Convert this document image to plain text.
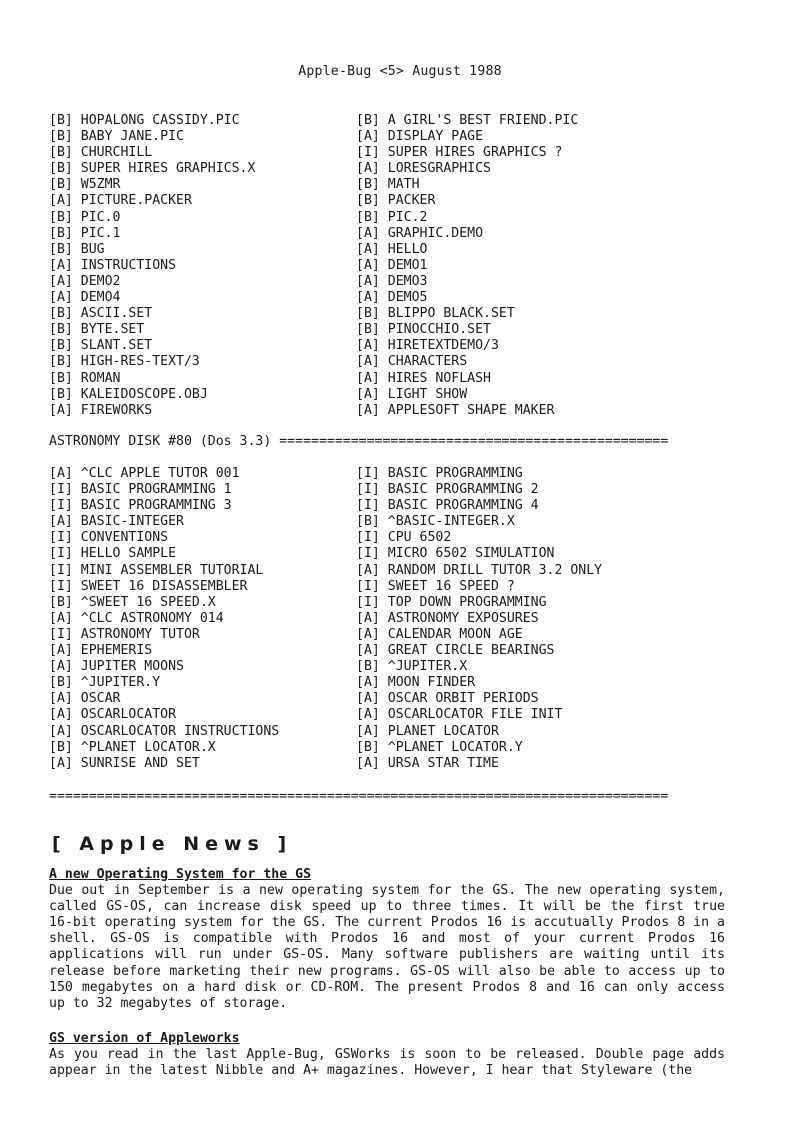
Apple-Bug <5> August 1988
[B] HOPALONG CASSIDY.PIC
[B] BABY JANE.PIC
[B] CHURCHILL
[B] SUPER HIRES GRAPHICS.X
[B] W5ZMR
[A] PICTURE.PACKER
[B] PIC.0
[B] PIC.1
[B] BUG
[A] INSTRUCTIONS
[A] DEMO2
[A] DEMO4
[B] ASCII.SET
[B] BYTE.SET
[B] SLANT.SET
[B] HIGH-RES-TEXT/3
[B] ROMAN
[B] KALEIDOSCOPE.OBJ
[A] FIREWORKS
[B] A GIRL'S BEST FRIEND.PIC
[A] DISPLAY PAGE
[I] SUPER HIRES GRAPHICS ?
[A] LORESGRAPHICS
[B] MATH
[B] PACKER
[B] PIC.2
[A] GRAPHIC.DEMO
[A] HELLO
[A] DEMO1
[A] DEMO3
[A] DEMO5
[B] BLIPPO BLACK.SET
[B] PINOCCHIO.SET
[A] HIRETEXTDEMO/3
[A] CHARACTERS
[A] HIRES NOFLASH
[A] LIGHT SHOW
[A] APPLESOFT SHAPE MAKER
ASTRONOMY DISK #80 (Dos 3.3) =================================================
[A] ^CLC APPLE TUTOR 001
[I] BASIC PROGRAMMING 1
[I] BASIC PROGRAMMING 3
[A] BASIC-INTEGER
[I] CONVENTIONS
[I] HELLO SAMPLE
[I] MINI ASSEMBLER TUTORIAL
[I] SWEET 16 DISASSEMBLER
[B] ^SWEET 16 SPEED.X
[A] ^CLC ASTRONOMY 014
[I] ASTRONOMY TUTOR
[A] EPHEMERIS
[A] JUPITER MOONS
[B] ^JUPITER.Y
[A] OSCAR
[A] OSCARLOCATOR
[A] OSCARLOCATOR INSTRUCTIONS
[B] ^PLANET LOCATOR.X
[A] SUNRISE AND SET
[I] BASIC PROGRAMMING
[I] BASIC PROGRAMMING 2
[I] BASIC PROGRAMMING 4
[B] ^BASIC-INTEGER.X
[I] CPU 6502
[I] MICRO 6502 SIMULATION
[A] RANDOM DRILL TUTOR 3.2 ONLY
[I] SWEET 16 SPEED ?
[I] TOP DOWN PROGRAMMING
[A] ASTRONOMY EXPOSURES
[A] CALENDAR MOON AGE
[A] GREAT CIRCLE BEARINGS
[B] ^JUPITER.X
[A] MOON FINDER
[A] OSCAR ORBIT PERIODS
[A] OSCARLOCATOR FILE INIT
[A] PLANET LOCATOR
[B] ^PLANET LOCATOR.Y
[A] URSA STAR TIME
==============================================================================
[ Apple News ]
A new Operating System for the GS
Due out in September is a new operating system for the GS. The new operating system, called GS-OS, can increase disk speed up to three times. It will be the first true 16-bit operating system for the GS. The current Prodos 16 is accutually Prodos 8 in a shell. GS-OS is compatible with Prodos 16 and most of your current Prodos 16 applications will run under GS-OS. Many software publishers are waiting until its release before marketing their new programs. GS-OS will also be able to access up to 150 megabytes on a hard disk or CD-ROM. The present Prodos 8 and 16 can only access up to 32 megabytes of storage.
GS version of Appleworks
As you read in the last Apple-Bug, GSWorks is soon to be released. Double page adds appear in the latest Nibble and A+ magazines. However, I hear that Styleware (the
